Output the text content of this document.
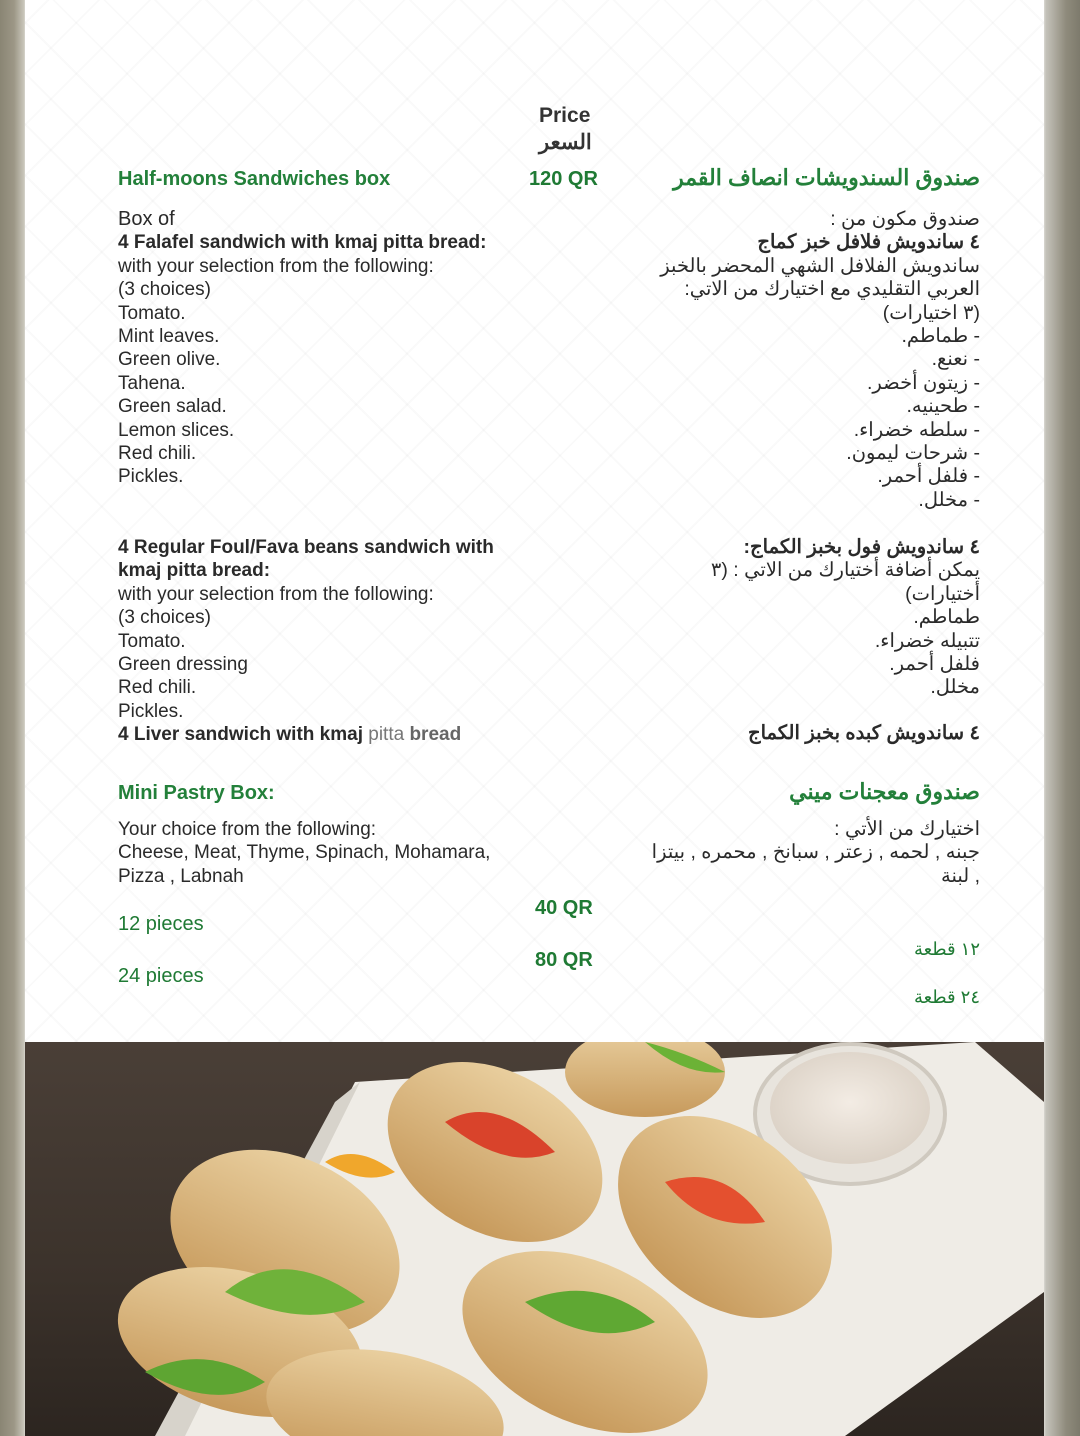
Price

السعر

Half-moons Sandwiches box	120 QR	صندوق السندويشات انصاف القمر

Box of
4 Falafel sandwich with kmaj pitta bread:
with your selection from the following:
(3 choices)
Tomato.
Mint leaves.
Green olive.
Tahena.
Green salad.
Lemon slices.
Red chili.
Pickles.
صندوق مكون من :
٤ ساندويش فلافل خبز كماج
ساندويش الفلافل الشهي المحضر بالخبز
العربي التقليدي مع اختيارك من الاتي:
(٣ اختيارات)
- طماطم.
- نعنع.
- زيتون أخضر.
- طحينيه.
- سلطه خضراء.
- شرحات ليمون.
- فلفل أحمر.
- مخلل.
4 Regular Foul/Fava beans sandwich with
kmaj pitta bread:
with your selection from the following:
(3 choices)
Tomato.
Green dressing
Red chili.
Pickles.
4 Liver sandwich with kmaj pitta bread
٤ ساندويش فول بخبز الكماج:
يمكن أضافة أختيارك من الاتي : (٣
أختيارات)
طماطم.
تتبيله خضراء.
فلفل أحمر.
مخلل.

٤ ساندويش كبده بخبز الكماج

Mini Pastry Box:	صندوق معجنات ميني

Your choice from the following:
Cheese, Meat, Thyme, Spinach, Mohamara,
Pizza , Labnah
اختيارك من الأتي :
جبنه , لحمه , زعتر , سبانخ , محمره , بيتزا
, لبنة

12 pieces

40 QR

١٢ قطعة

24 pieces

80 QR

٢٤ قطعة
